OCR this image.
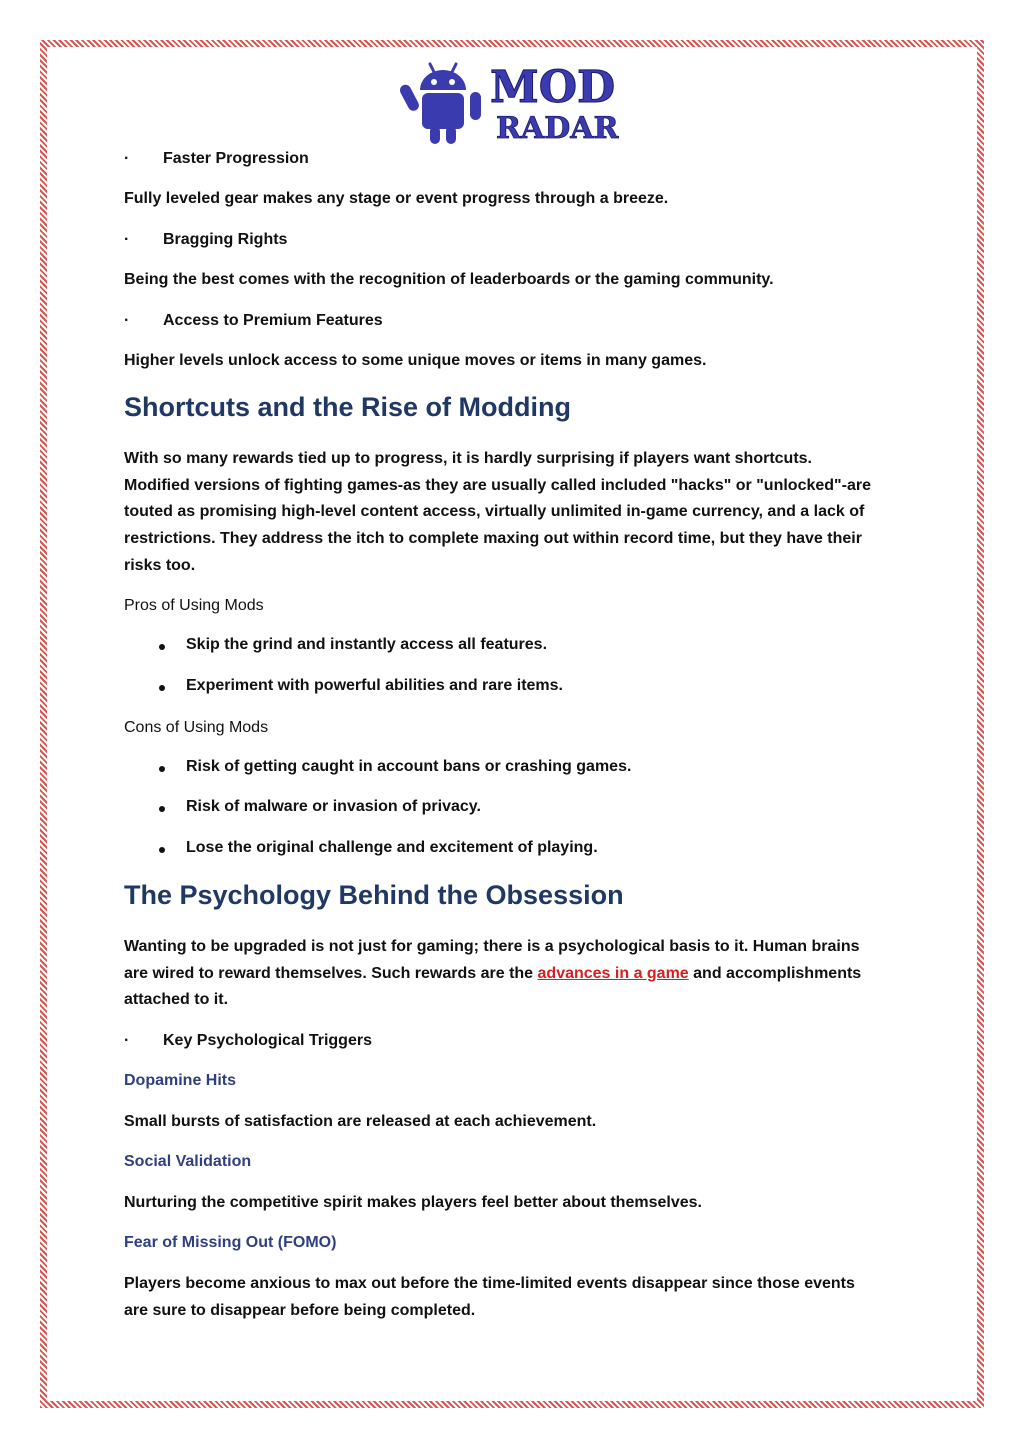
MOD
RADAR
· Faster Progression
Fully leveled gear makes any stage or event progress through a breeze.
· Bragging Rights
Being the best comes with the recognition of leaderboards or the gaming community.
· Access to Premium Features
Higher levels unlock access to some unique moves or items in many games.
Shortcuts and the Rise of Modding
With so many rewards tied up to progress, it is hardly surprising if players want shortcuts.
Modified versions of fighting games-as they are usually called included "hacks" or "unlocked"-are
touted as promising high-level content access, virtually unlimited in-game currency, and a lack of
restrictions. They address the itch to complete maxing out within record time, but they have their
risks too.
Pros of Using Mods
Skip the grind and instantly access all features.
Experiment with powerful abilities and rare items.
Cons of Using Mods
Risk of getting caught in account bans or crashing games.
Risk of malware or invasion of privacy.
Lose the original challenge and excitement of playing.
The Psychology Behind the Obsession
Wanting to be upgraded is not just for gaming; there is a psychological basis to it. Human brains
are wired to reward themselves. Such rewards are the advances in a game and accomplishments
attached to it.
· Key Psychological Triggers
Dopamine Hits
Small bursts of satisfaction are released at each achievement.
Social Validation
Nurturing the competitive spirit makes players feel better about themselves.
Fear of Missing Out (FOMO)
Players become anxious to max out before the time-limited events disappear since those events
are sure to disappear before being completed.
